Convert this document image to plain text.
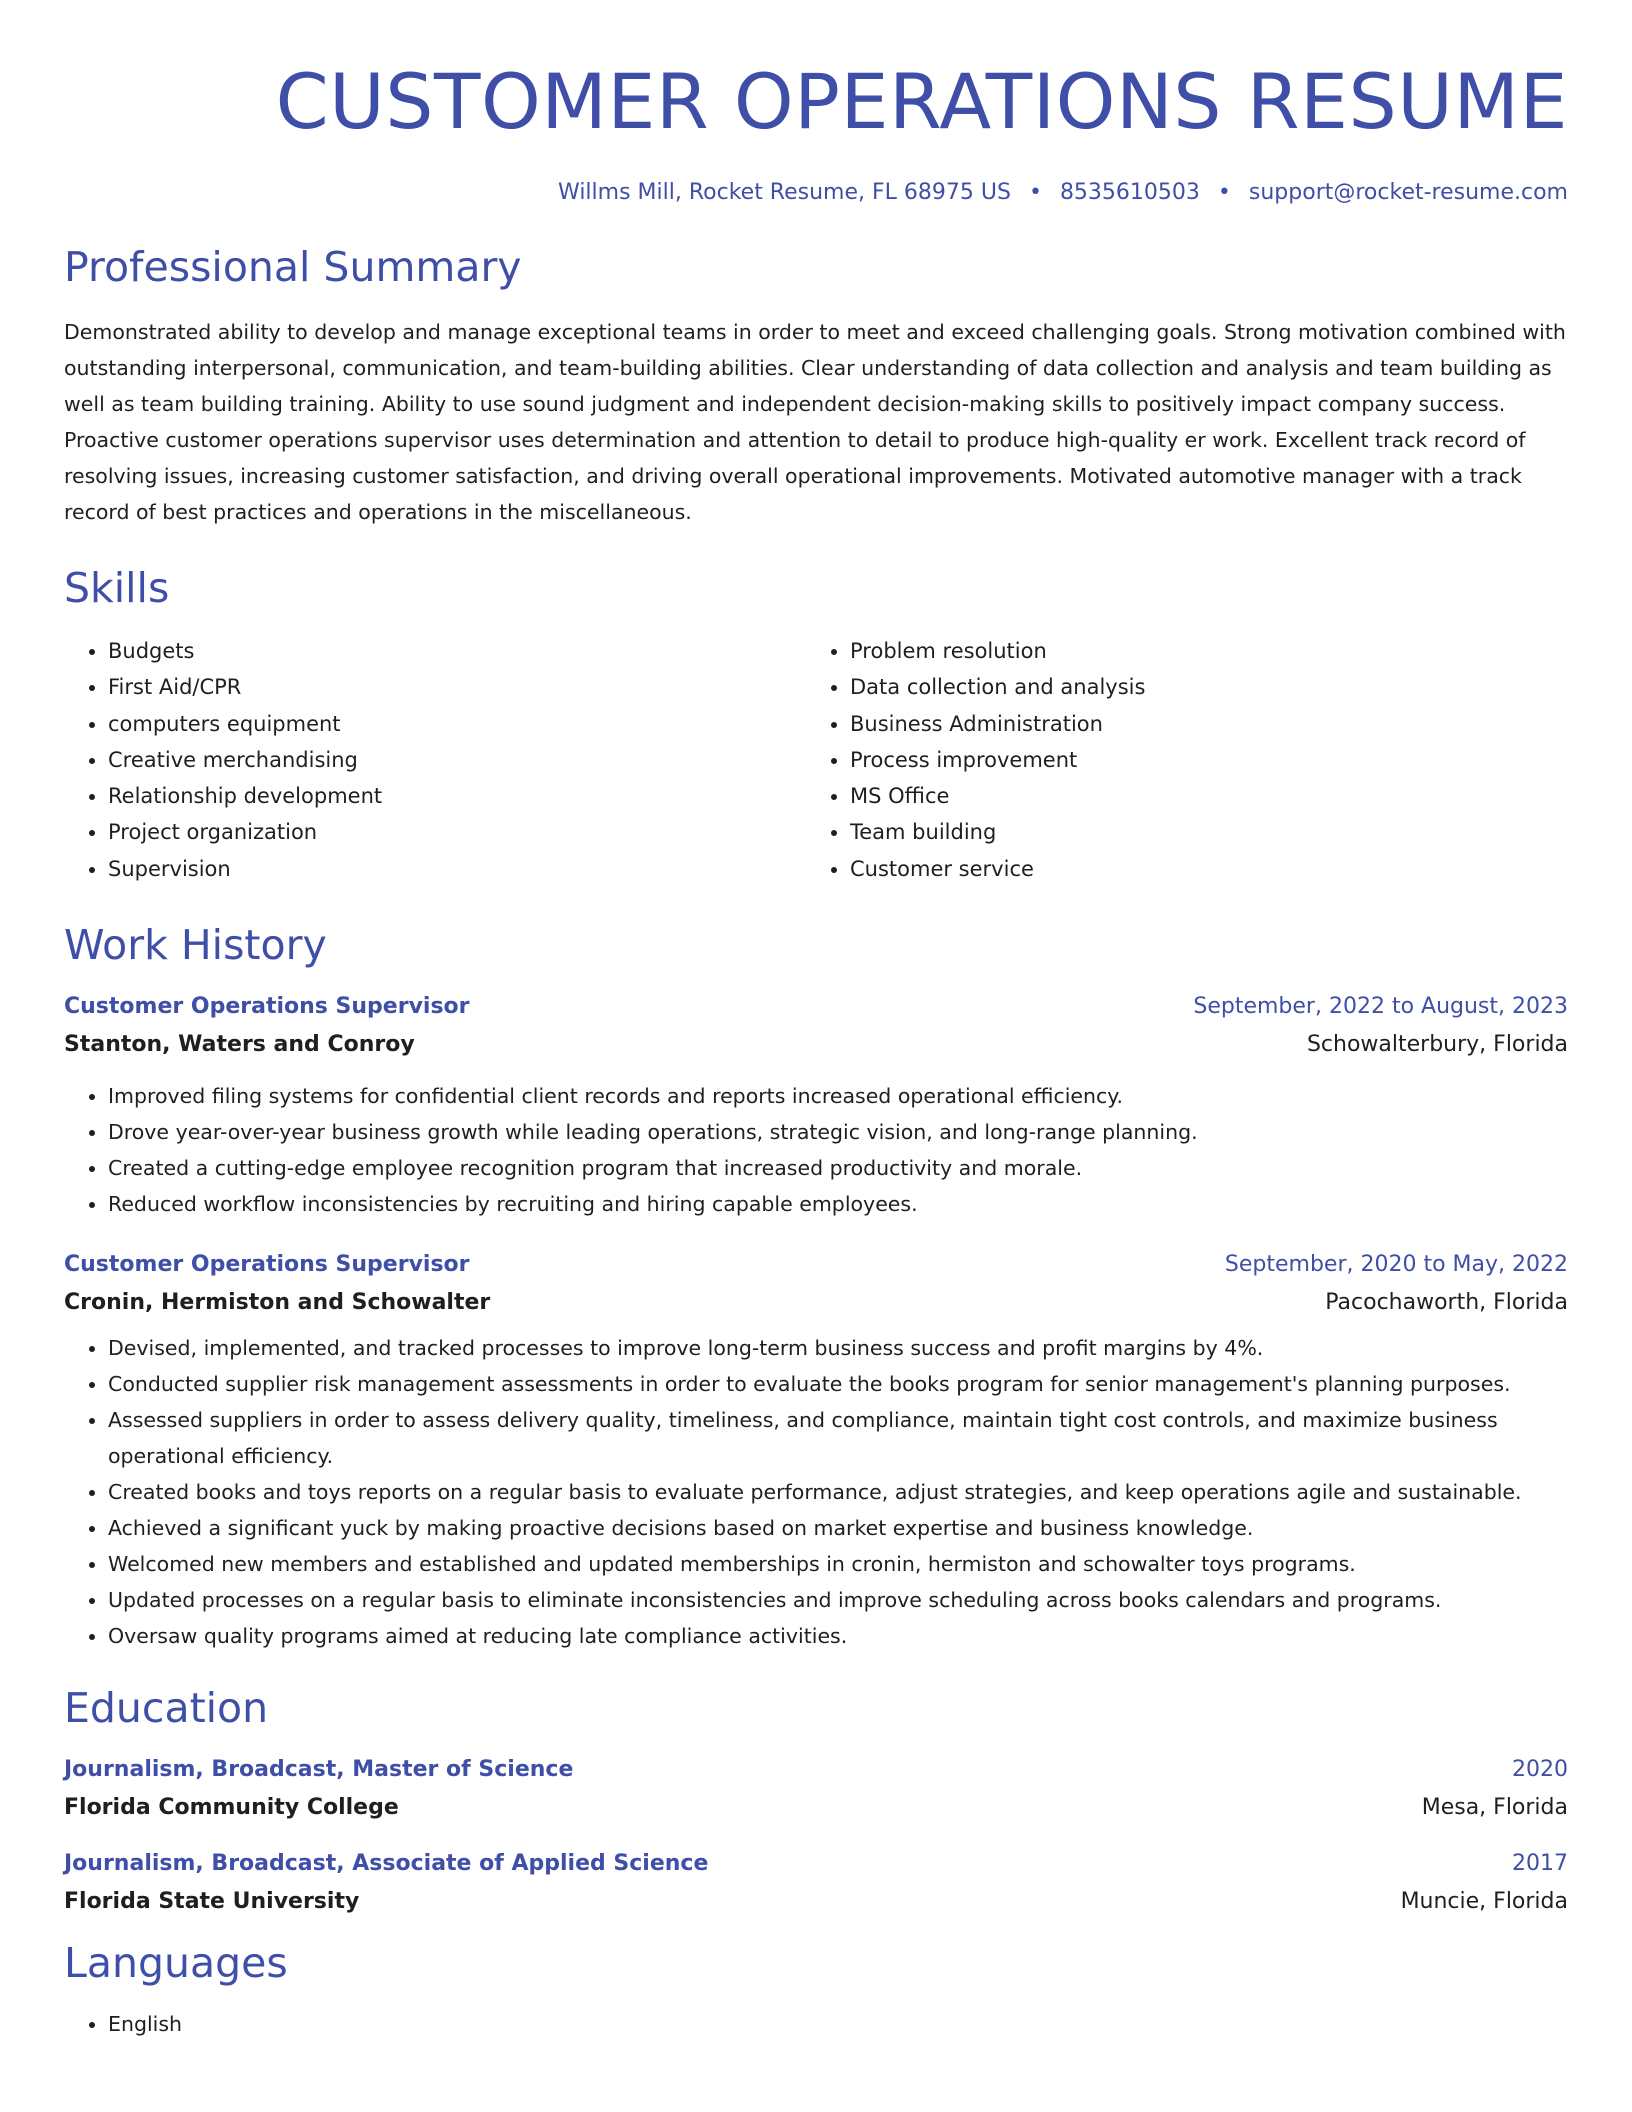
CUSTOMER OPERATIONS RESUME
Willms Mill, Rocket Resume, FL 68975 US • 8535610503 • support@rocket-resume.com
Professional Summary
Demonstrated ability to develop and manage exceptional teams in order to meet and exceed challenging goals. Strong motivation combined with outstanding interpersonal, communication, and team-building abilities. Clear understanding of data collection and analysis and team building as well as team building training. Ability to use sound judgment and independent decision-making skills to positively impact company success. Proactive customer operations supervisor uses determination and attention to detail to produce high-quality er work. Excellent track record of resolving issues, increasing customer satisfaction, and driving overall operational improvements. Motivated automotive manager with a track record of best practices and operations in the miscellaneous.
Skills
• Budgets
• First Aid/CPR
• computers equipment
• Creative merchandising
• Relationship development
• Project organization
• Supervision
• Problem resolution
• Data collection and analysis
• Business Administration
• Process improvement
• MS Office
• Team building
• Customer service
Work History
Customer Operations Supervisor	September, 2022 to August, 2023
Stanton, Waters and Conroy	Schowalterbury, Florida
• Improved filing systems for confidential client records and reports increased operational efficiency.
• Drove year-over-year business growth while leading operations, strategic vision, and long-range planning.
• Created a cutting-edge employee recognition program that increased productivity and morale.
• Reduced workflow inconsistencies by recruiting and hiring capable employees.
Customer Operations Supervisor	September, 2020 to May, 2022
Cronin, Hermiston and Schowalter	Pacochaworth, Florida
• Devised, implemented, and tracked processes to improve long-term business success and profit margins by 4%.
• Conducted supplier risk management assessments in order to evaluate the books program for senior management's planning purposes.
• Assessed suppliers in order to assess delivery quality, timeliness, and compliance, maintain tight cost controls, and maximize business operational efficiency.
• Created books and toys reports on a regular basis to evaluate performance, adjust strategies, and keep operations agile and sustainable.
• Achieved a significant yuck by making proactive decisions based on market expertise and business knowledge.
• Welcomed new members and established and updated memberships in cronin, hermiston and schowalter toys programs.
• Updated processes on a regular basis to eliminate inconsistencies and improve scheduling across books calendars and programs.
• Oversaw quality programs aimed at reducing late compliance activities.
Education
Journalism, Broadcast, Master of Science	2020
Florida Community College	Mesa, Florida
Journalism, Broadcast, Associate of Applied Science	2017
Florida State University	Muncie, Florida
Languages
• English
